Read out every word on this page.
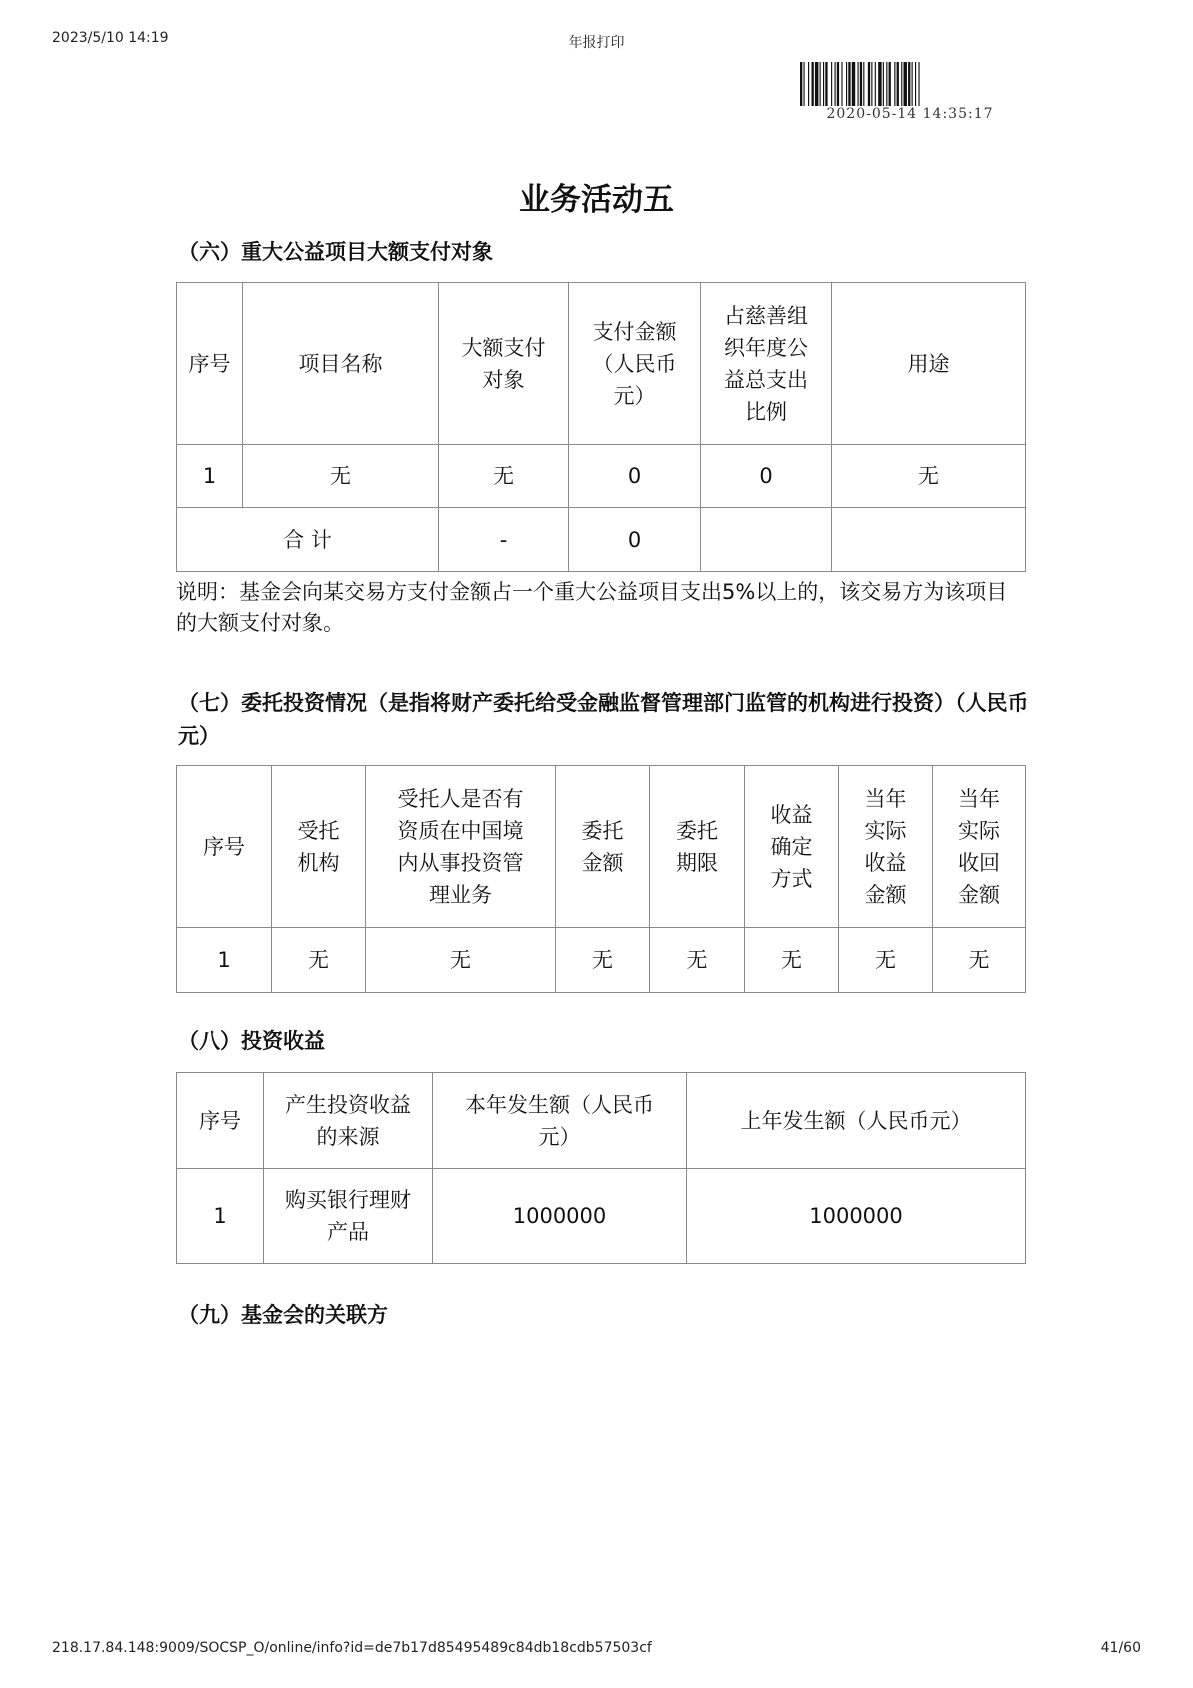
2023/5/10 14:19	年报打印
2020-05-14 14:35:17
业务活动五
（六）重大公益项目大额支付对象
序号	项目名称	大额支付对象	支付金额（人民币元）	占慈善组织年度公益总支出比例	用途
1	无	无	0	0	无
合 计		-	0		
说明：基金会向某交易方支付金额占一个重大公益项目支出5%以上的，该交易方为该项目的大额支付对象。
（七）委托投资情况（是指将财产委托给受金融监督管理部门监管的机构进行投资）（人民币元）
序号	受托机构	受托人是否有资质在中国境内从事投资管理业务	委托金额	委托期限	收益确定方式	当年实际收益金额	当年实际收回金额
1	无	无	无	无	无	无	无
（八）投资收益
序号	产生投资收益的来源	本年发生额（人民币元）	上年发生额（人民币元）
1	购买银行理财产品	1000000	1000000
（九）基金会的关联方
218.17.84.148:9009/SOCSP_O/online/info?id=de7b17d85495489c84db18cdb57503cf	41/60
